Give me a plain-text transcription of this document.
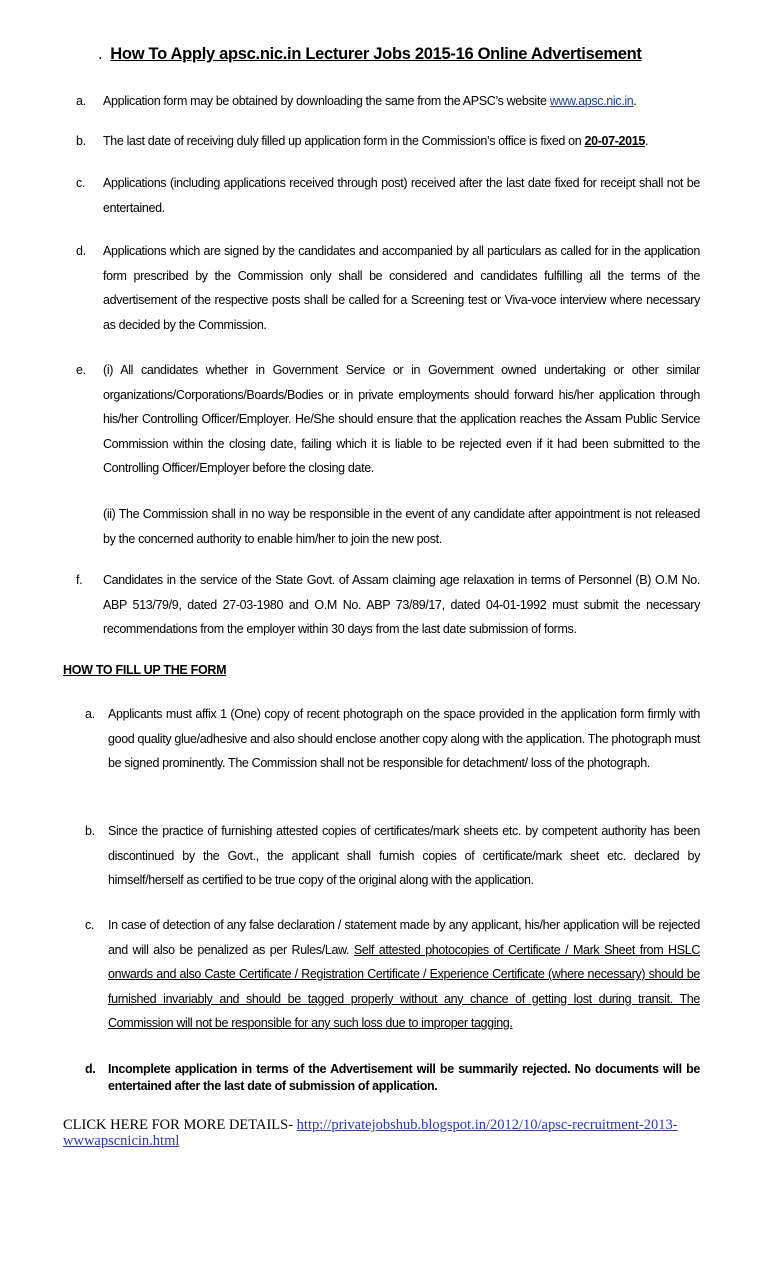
. How To Apply apsc.nic.in Lecturer Jobs 2015-16 Online Advertisement
a. Application form may be obtained by downloading the same from the APSC’s website www.apsc.nic.in.
b. The last date of receiving duly filled up application form in the Commission’s office is fixed on 20-07-2015.
c. Applications (including applications received through post) received after the last date fixed for receipt shall not be entertained.
d. Applications which are signed by the candidates and accompanied by all particulars as called for in the application form prescribed by the Commission only shall be considered and candidates fulfilling all the terms of the advertisement of the respective posts shall be called for a Screening test or Viva-voce interview where necessary as decided by the Commission.
e. (i) All candidates whether in Government Service or in Government owned undertaking or other similar organizations/Corporations/Boards/Bodies or in private employments should forward his/her application through his/her Controlling Officer/Employer. He/She should ensure that the application reaches the Assam Public Service Commission within the closing date, failing which it is liable to be rejected even if it had been submitted to the Controlling Officer/Employer before the closing date.
(ii) The Commission shall in no way be responsible in the event of any candidate after appointment is not released by the concerned authority to enable him/her to join the new post.
f. Candidates in the service of the State Govt. of Assam claiming age relaxation in terms of Personnel (B) O.M No. ABP 513/79/9, dated 27-03-1980 and O.M No. ABP 73/89/17, dated 04-01-1992 must submit the necessary recommendations from the employer within 30 days from the last date submission of forms.
HOW TO FILL UP THE FORM
a. Applicants must affix 1 (One) copy of recent photograph on the space provided in the application form firmly with good quality glue/adhesive and also should enclose another copy along with the application. The photograph must be signed prominently. The Commission shall not be responsible for detachment/ loss of the photograph.
b. Since the practice of furnishing attested copies of certificates/mark sheets etc. by competent authority has been discontinued by the Govt., the applicant shall furnish copies of certificate/mark sheet etc. declared by himself/herself as certified to be true copy of the original along with the application.
c. In case of detection of any false declaration / statement made by any applicant, his/her application will be rejected and will also be penalized as per Rules/Law. Self attested photocopies of Certificate / Mark Sheet from HSLC onwards and also Caste Certificate / Registration Certificate / Experience Certificate (where necessary) should be furnished invariably and should be tagged properly without any chance of getting lost during transit. The Commission will not be responsible for any such loss due to improper tagging.
d. Incomplete application in terms of the Advertisement will be summarily rejected. No documents will be entertained after the last date of submission of application.
CLICK HERE FOR MORE DETAILS- http://privatejobshub.blogspot.in/2012/10/apsc-recruitment-2013-wwwapscnicin.html
